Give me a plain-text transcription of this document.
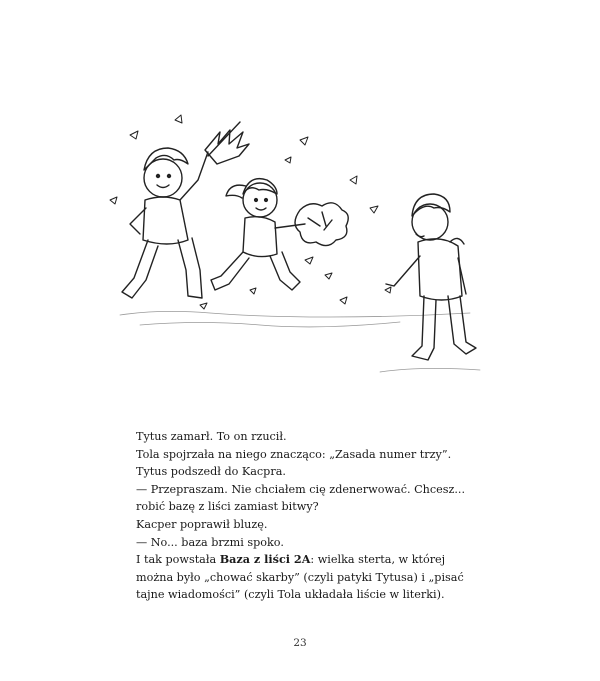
Tytus zamarł. To on rzucił.

Tola spojrzała na niego znacząco: „Zasada numer trzy”.

Tytus podszedł do Kacpra.

— Przepraszam. Nie chciałem cię zdenerwować. Chcesz... robić bazę z liści zamiast bitwy?

Kacper poprawił bluzę.

— No... baza brzmi spoko.

I tak powstała Baza z liści 2A: wielka sterta, w której można było „chować skarby” (czyli patyki Tytusa) i „pisać tajne wiadomości” (czyli Tola układała liście w literki).

23
